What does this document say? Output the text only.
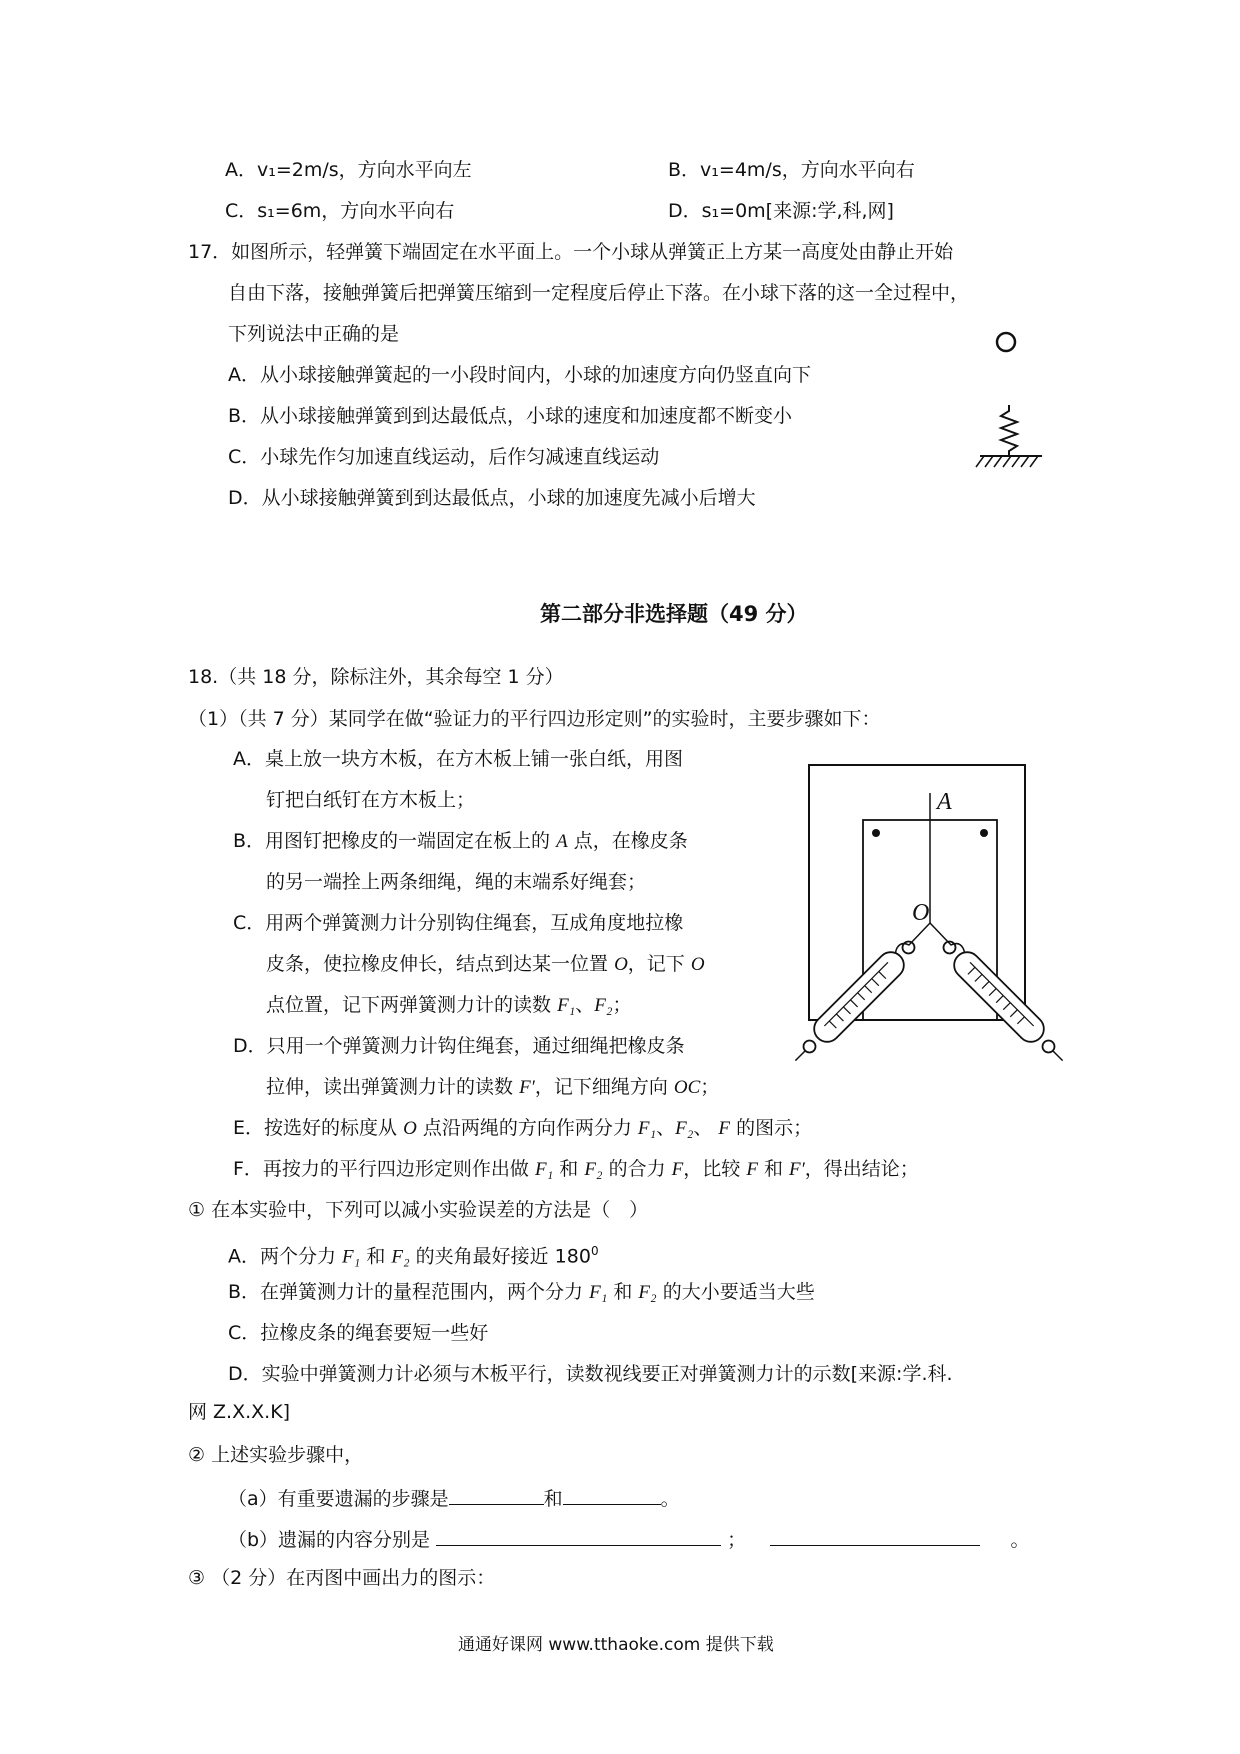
A．v₁=2m/s，方向水平向左	B．v₁=4m/s，方向水平向右
C．s₁=6m，方向水平向右	D．s₁=0m[来源:学,科,网]
17．如图所示，轻弹簧下端固定在水平面上。一个小球从弹簧正上方某一高度处由静止开始
自由下落，接触弹簧后把弹簧压缩到一定程度后停止下落。在小球下落的这一全过程中，
下列说法中正确的是
A．从小球接触弹簧起的一小段时间内，小球的加速度方向仍竖直向下
B．从小球接触弹簧到到达最低点，小球的速度和加速度都不断变小
C．小球先作匀加速直线运动，后作匀减速直线运动
D．从小球接触弹簧到到达最低点，小球的加速度先减小后增大
第二部分非选择题（49 分）
18.（共 18 分，除标注外，其余每空 1 分）
（1）（共 7 分）某同学在做“验证力的平行四边形定则”的实验时，主要步骤如下：
A．桌上放一块方木板，在方木板上铺一张白纸，用图
钉把白纸钉在方木板上；
B．用图钉把橡皮的一端固定在板上的 A 点，在橡皮条
的另一端拴上两条细绳，绳的末端系好绳套；
C．用两个弹簧测力计分别钩住绳套，互成角度地拉橡
皮条，使拉橡皮伸长，结点到达某一位置 O，记下 O
点位置，记下两弹簧测力计的读数 F₁、F₂；
D．只用一个弹簧测力计钩住绳套，通过细绳把橡皮条
拉伸，读出弹簧测力计的读数 F′，记下细绳方向 OC；
E．按选好的标度从 O 点沿两绳的方向作两分力 F₁、F₂、 F 的图示；
F．再按力的平行四边形定则作出做 F₁ 和 F₂ 的合力 F，比较 F 和 F′，得出结论；
① 在本实验中，下列可以减小实验误差的方法是（　）
A．两个分力 F₁ 和 F₂ 的夹角最好接近 $180^0$
B．在弹簧测力计的量程范围内，两个分力 F₁ 和 F₂ 的大小要适当大些
C．拉橡皮条的绳套要短一些好
D．实验中弹簧测力计必须与木板平行，读数视线要正对弹簧测力计的示数[来源:学.科.
网 Z.X.X.K]
② 上述实验步骤中，
（a）有重要遗漏的步骤是	和	。
（b）遗漏的内容分别是	；	。
③ （2 分）在丙图中画出力的图示：
A
O
通通好课网 www.tthaoke.com 提供下载
